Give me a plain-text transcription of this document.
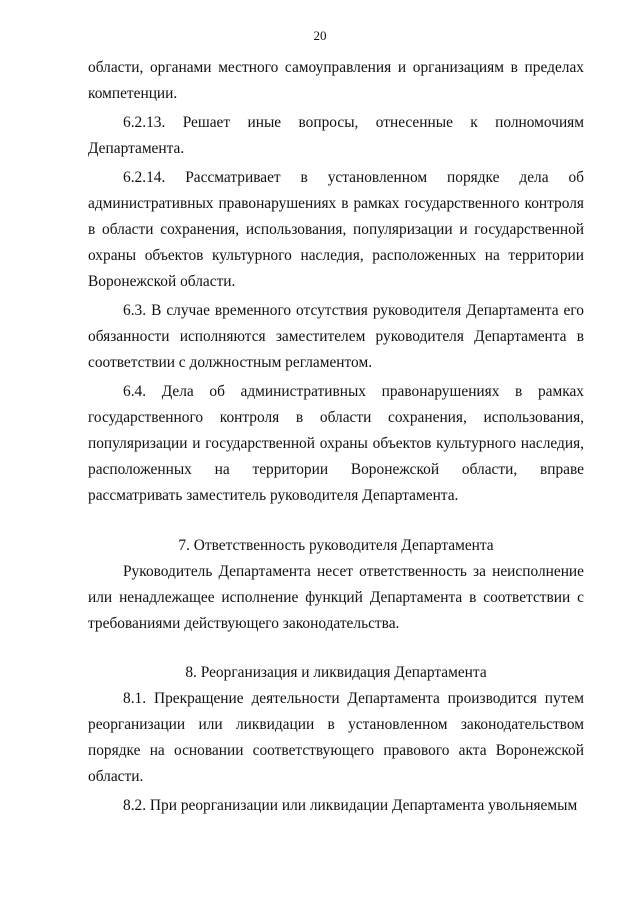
20

области, органами местного самоуправления и организациям в пределах компетенции.

6.2.13. Решает иные вопросы, отнесенные к полномочиям Департамента.

6.2.14. Рассматривает в установленном порядке дела об административных правонарушениях в рамках государственного контроля в области сохранения, использования, популяризации и государственной охраны объектов культурного наследия, расположенных на территории Воронежской области.

6.3. В случае временного отсутствия руководителя Департамента его обязанности исполняются заместителем руководителя Департамента в соответствии с должностным регламентом.

6.4. Дела об административных правонарушениях в рамках государственного контроля в области сохранения, использования, популяризации и государственной охраны объектов культурного наследия, расположенных на территории Воронежской области, вправе рассматривать заместитель руководителя Департамента.

7. Ответственность руководителя Департамента

Руководитель Департамента несет ответственность за неисполнение или ненадлежащее исполнение функций Департамента в соответствии с требованиями действующего законодательства.

8. Реорганизация и ликвидация Департамента

8.1. Прекращение деятельности Департамента производится путем реорганизации или ликвидации в установленном законодательством порядке на основании соответствующего правового акта Воронежской области.

8.2. При реорганизации или ликвидации Департамента увольняемым
